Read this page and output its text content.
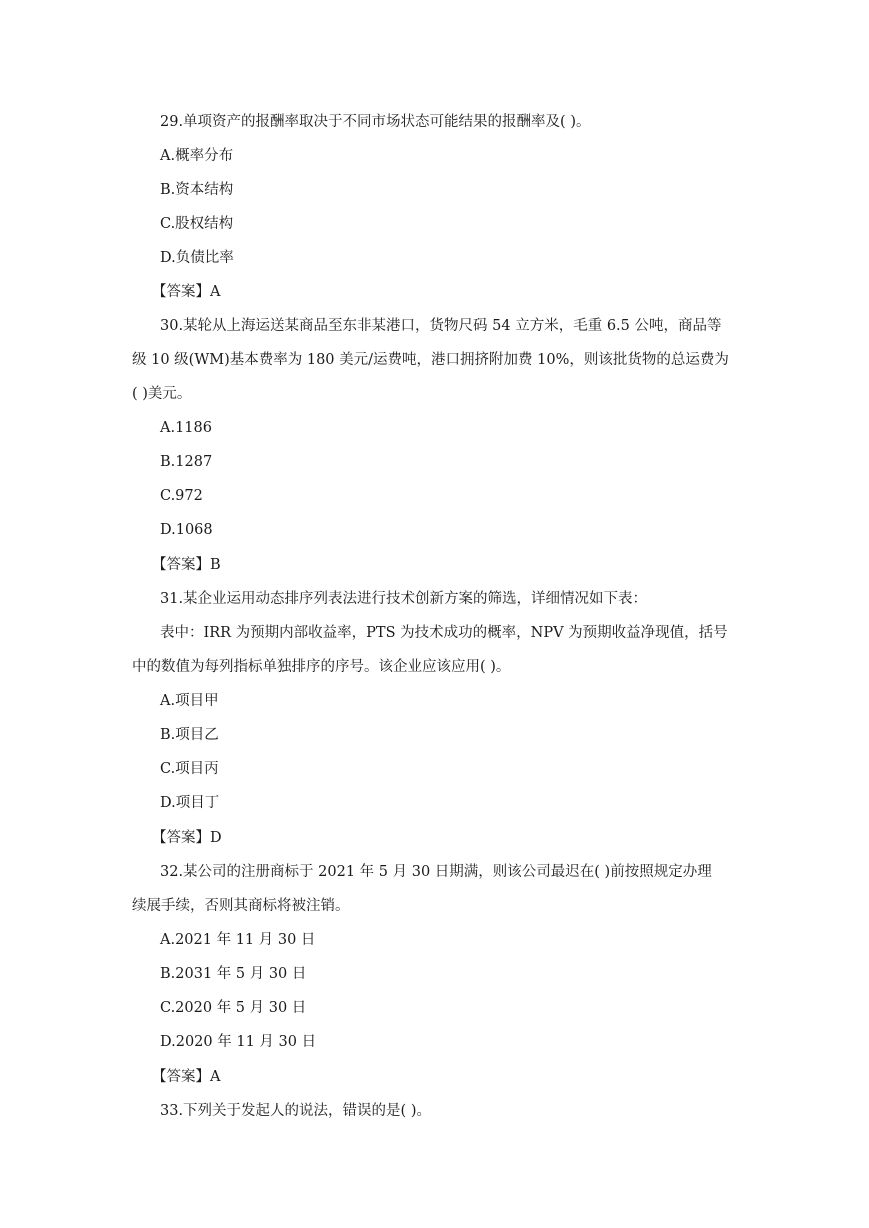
29.单项资产的报酬率取决于不同市场状态可能结果的报酬率及( )。
A.概率分布
B.资本结构
C.股权结构
D.负债比率
【答案】A
30.某轮从上海运送某商品至东非某港口，货物尺码 54 立方米，毛重 6.5 公吨，商品等
级 10 级(WM)基本费率为 180 美元/运费吨，港口拥挤附加费 10%，则该批货物的总运费为
( )美元。
A.1186
B.1287
C.972
D.1068
【答案】B
31.某企业运用动态排序列表法进行技术创新方案的筛选，详细情况如下表：
表中：IRR 为预期内部收益率，PTS 为技术成功的概率，NPV 为预期收益净现值，括号
中的数值为每列指标单独排序的序号。该企业应该应用( )。
A.项目甲
B.项目乙
C.项目丙
D.项目丁
【答案】D
32.某公司的注册商标于 2021 年 5 月 30 日期满，则该公司最迟在( )前按照规定办理
续展手续，否则其商标将被注销。
A.2021 年 11 月 30 日
B.2031 年 5 月 30 日
C.2020 年 5 月 30 日
D.2020 年 11 月 30 日
【答案】A
33.下列关于发起人的说法，错误的是( )。
